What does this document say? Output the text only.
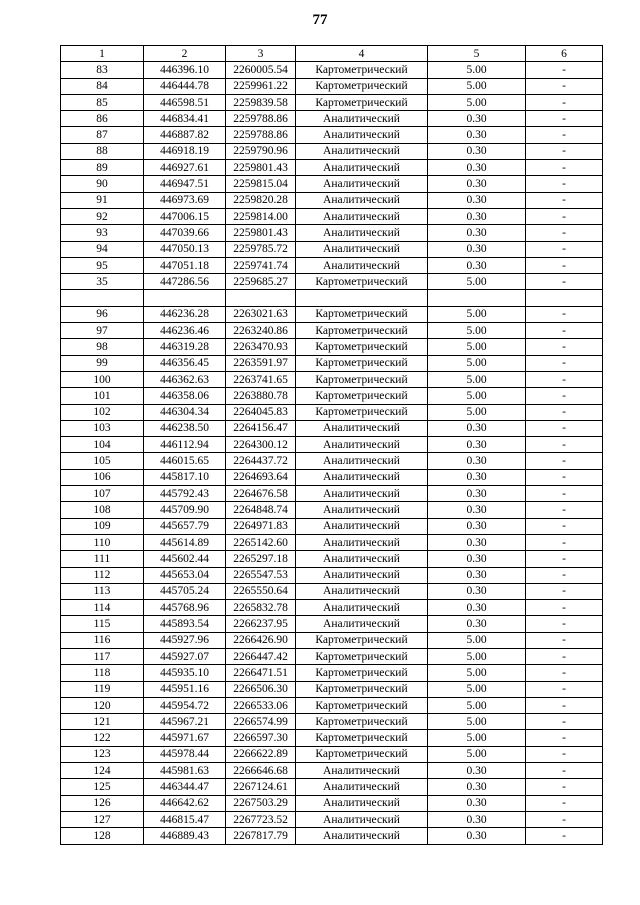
77
1	2	3	4	5	6
83	446396.10	2260005.54	Картометрический	5.00	-
84	446444.78	2259961.22	Картометрический	5.00	-
85	446598.51	2259839.58	Картометрический	5.00	-
86	446834.41	2259788.86	Аналитический	0.30	-
87	446887.82	2259788.86	Аналитический	0.30	-
88	446918.19	2259790.96	Аналитический	0.30	-
89	446927.61	2259801.43	Аналитический	0.30	-
90	446947.51	2259815.04	Аналитический	0.30	-
91	446973.69	2259820.28	Аналитический	0.30	-
92	447006.15	2259814.00	Аналитический	0.30	-
93	447039.66	2259801.43	Аналитический	0.30	-
94	447050.13	2259785.72	Аналитический	0.30	-
95	447051.18	2259741.74	Аналитический	0.30	-
35	447286.56	2259685.27	Картометрический	5.00	-

96	446236.28	2263021.63	Картометрический	5.00	-
97	446236.46	2263240.86	Картометрический	5.00	-
98	446319.28	2263470.93	Картометрический	5.00	-
99	446356.45	2263591.97	Картометрический	5.00	-
100	446362.63	2263741.65	Картометрический	5.00	-
101	446358.06	2263880.78	Картометрический	5.00	-
102	446304.34	2264045.83	Картометрический	5.00	-
103	446238.50	2264156.47	Аналитический	0.30	-
104	446112.94	2264300.12	Аналитический	0.30	-
105	446015.65	2264437.72	Аналитический	0.30	-
106	445817.10	2264693.64	Аналитический	0.30	-
107	445792.43	2264676.58	Аналитический	0.30	-
108	445709.90	2264848.74	Аналитический	0.30	-
109	445657.79	2264971.83	Аналитический	0.30	-
110	445614.89	2265142.60	Аналитический	0.30	-
111	445602.44	2265297.18	Аналитический	0.30	-
112	445653.04	2265547.53	Аналитический	0.30	-
113	445705.24	2265550.64	Аналитический	0.30	-
114	445768.96	2265832.78	Аналитический	0.30	-
115	445893.54	2266237.95	Аналитический	0.30	-
116	445927.96	2266426.90	Картометрический	5.00	-
117	445927.07	2266447.42	Картометрический	5.00	-
118	445935.10	2266471.51	Картометрический	5.00	-
119	445951.16	2266506.30	Картометрический	5.00	-
120	445954.72	2266533.06	Картометрический	5.00	-
121	445967.21	2266574.99	Картометрический	5.00	-
122	445971.67	2266597.30	Картометрический	5.00	-
123	445978.44	2266622.89	Картометрический	5.00	-
124	445981.63	2266646.68	Аналитический	0.30	-
125	446344.47	2267124.61	Аналитический	0.30	-
126	446642.62	2267503.29	Аналитический	0.30	-
127	446815.47	2267723.52	Аналитический	0.30	-
128	446889.43	2267817.79	Аналитический	0.30	-
